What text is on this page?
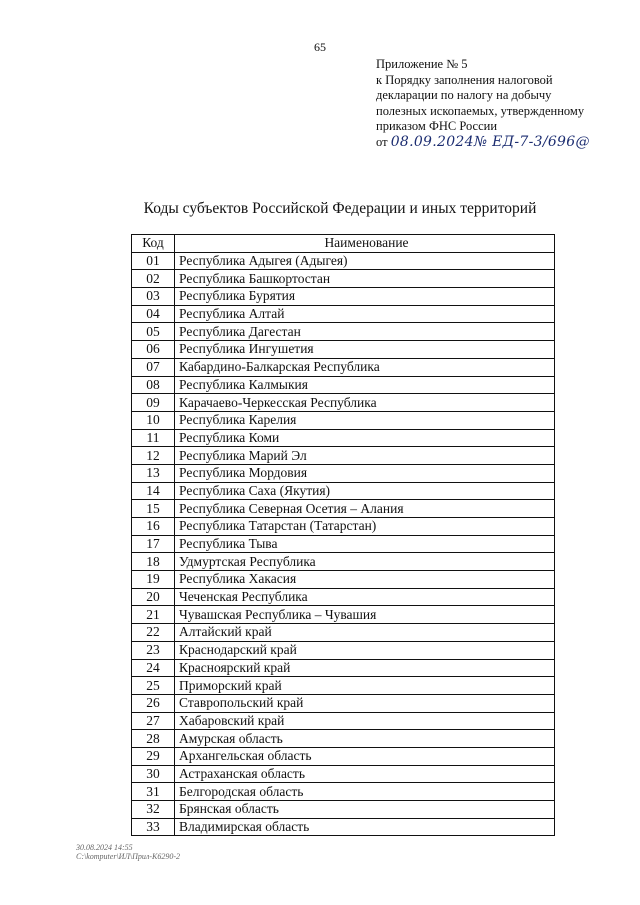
65
Приложение № 5
к Порядку заполнения налоговой
декларации по налогу на добычу
полезных ископаемых, утвержденному
приказом ФНС России
от 08.09.2024№ ЕД-7-3/696@
Коды субъектов Российской Федерации и иных территорий
Код	Наименование
01	Республика Адыгея (Адыгея)
02	Республика Башкортостан
03	Республика Бурятия
04	Республика Алтай
05	Республика Дагестан
06	Республика Ингушетия
07	Кабардино-Балкарская Республика
08	Республика Калмыкия
09	Карачаево-Черкесская Республика
10	Республика Карелия
11	Республика Коми
12	Республика Марий Эл
13	Республика Мордовия
14	Республика Саха (Якутия)
15	Республика Северная Осетия – Алания
16	Республика Татарстан (Татарстан)
17	Республика Тыва
18	Удмуртская Республика
19	Республика Хакасия
20	Чеченская Республика
21	Чувашская Республика – Чувашия
22	Алтайский край
23	Краснодарский край
24	Красноярский край
25	Приморский край
26	Ставропольский край
27	Хабаровский край
28	Амурская область
29	Архангельская область
30	Астраханская область
31	Белгородская область
32	Брянская область
33	Владимирская область
30.08.2024 14:55
C:\komputer\ИЛ\Прил-К6290-2
